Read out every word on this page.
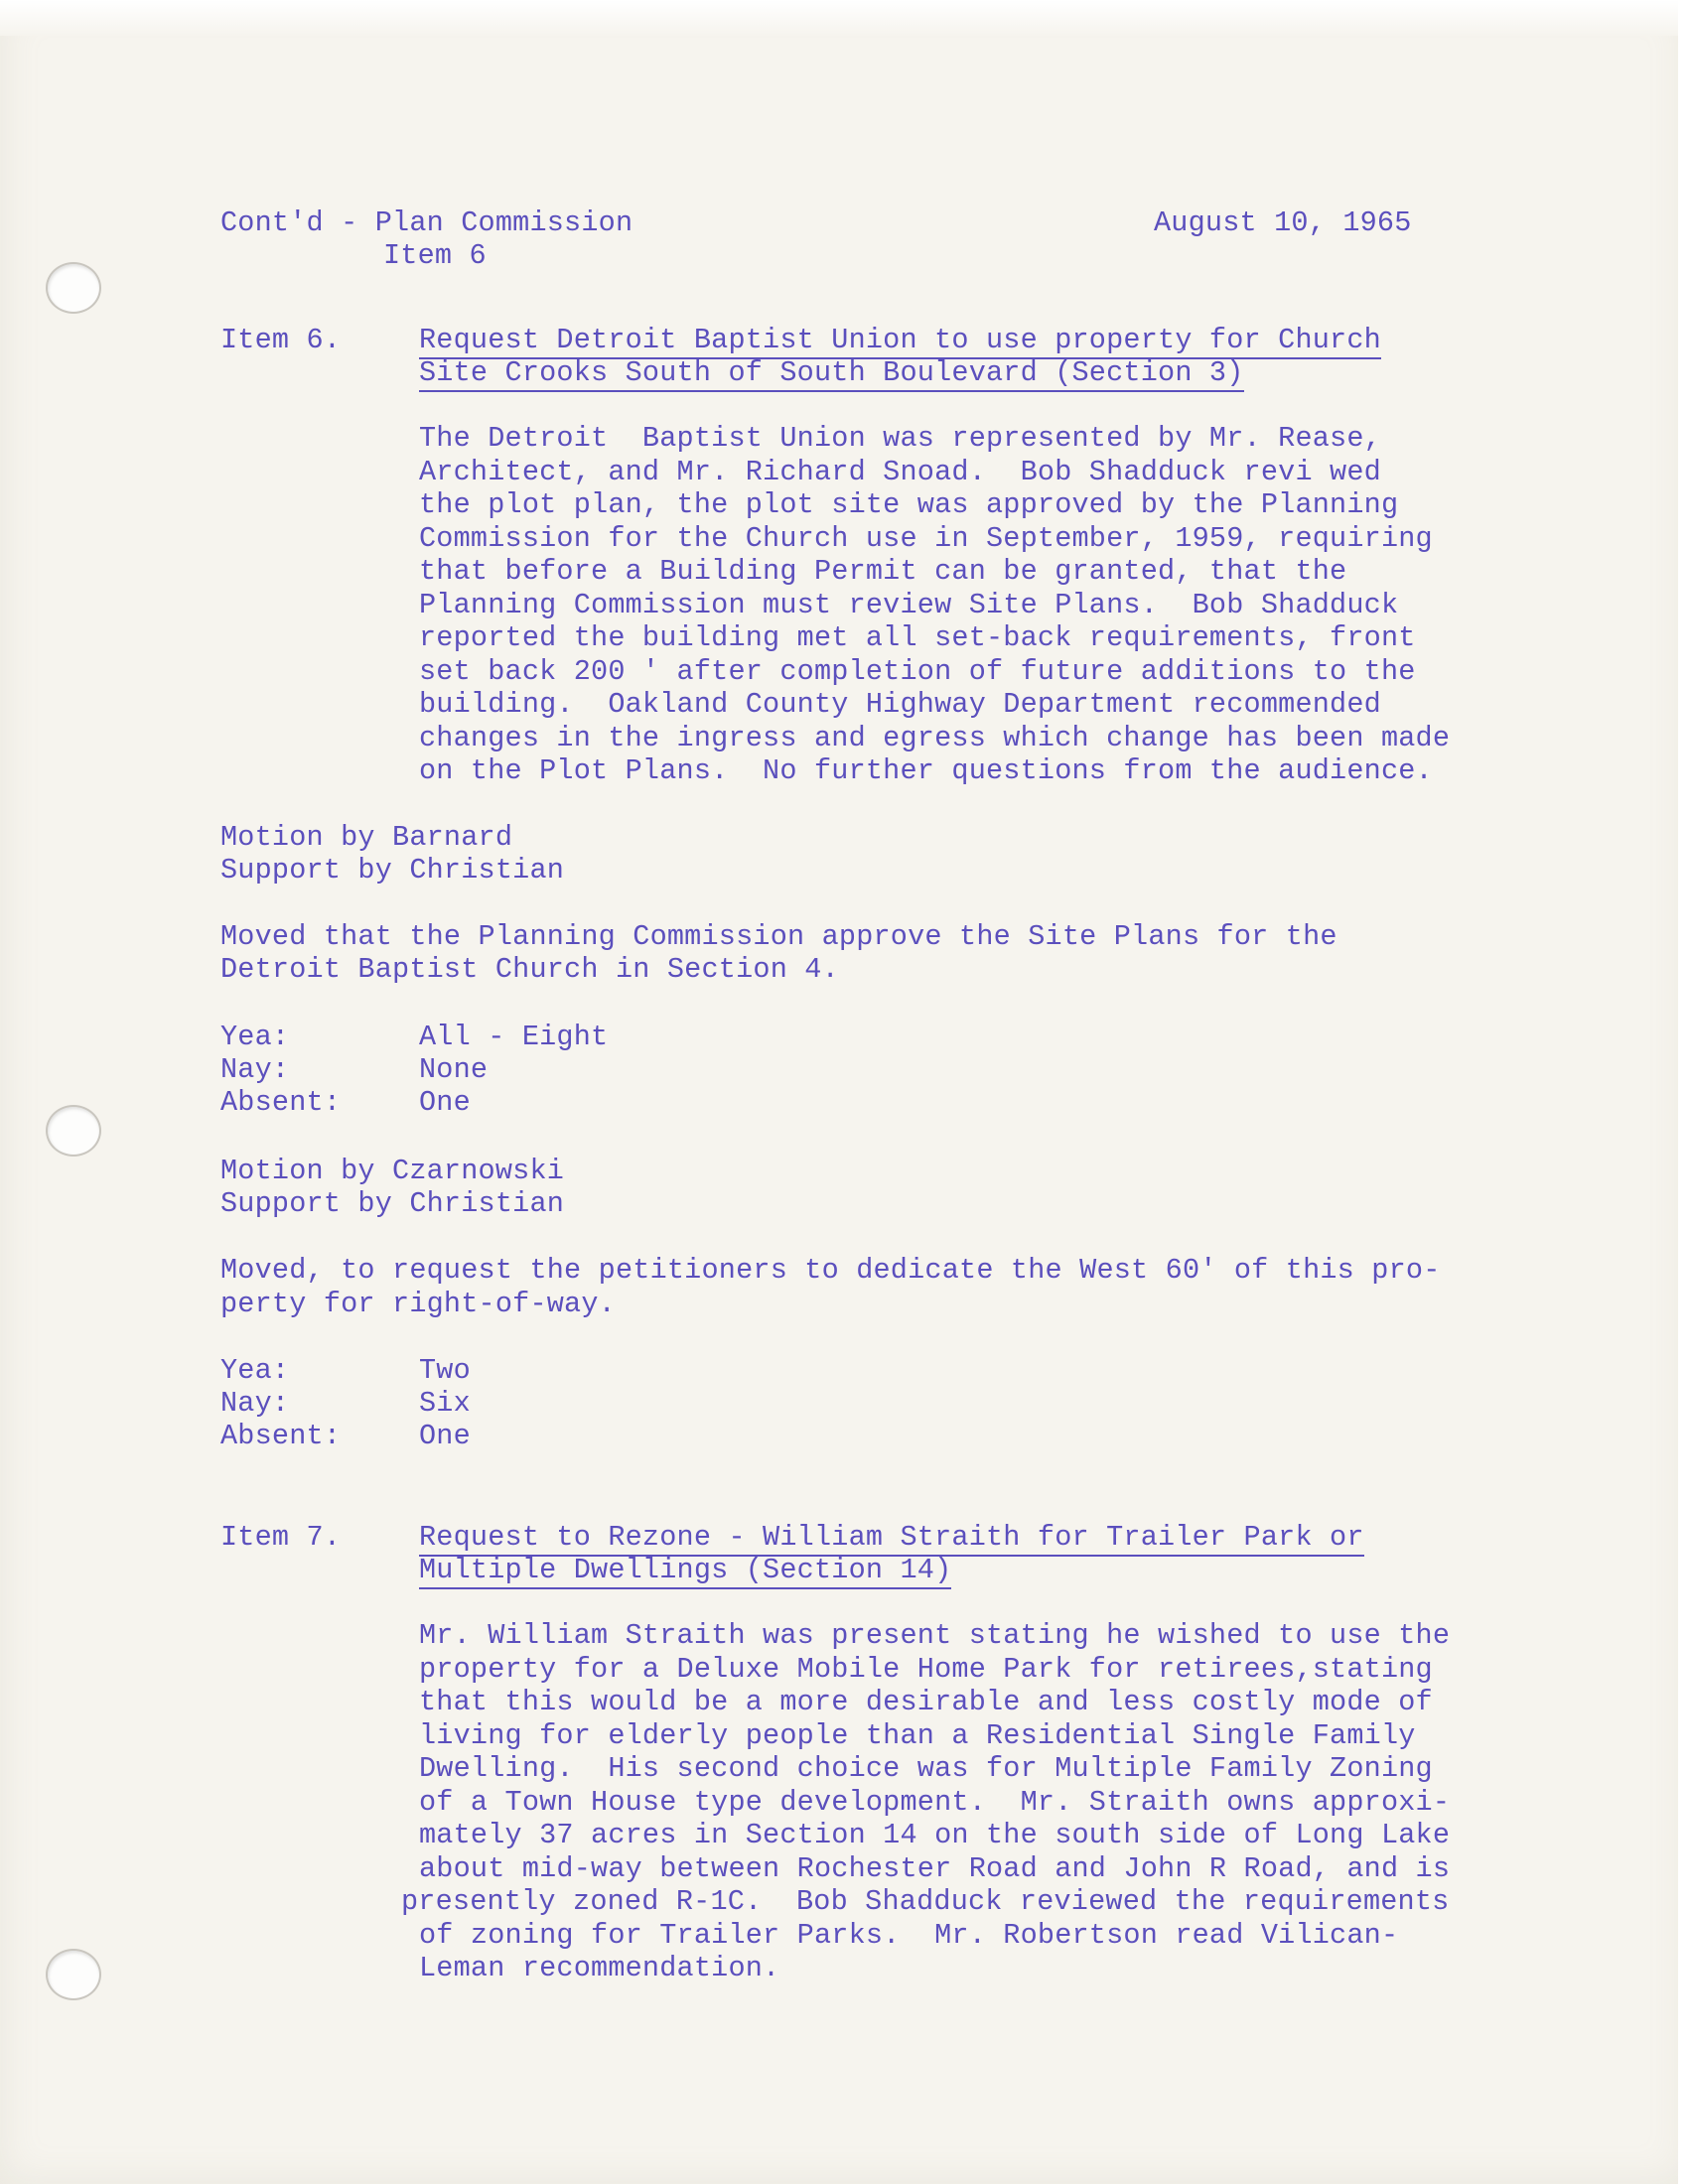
Cont'd - Plan Commission
Item 6
August 10, 1965
Item 6.	Request Detroit Baptist Union to use property for Church
Site Crooks South of South Boulevard (Section 3)
The Detroit  Baptist Union was represented by Mr. Rease,
Architect, and Mr. Richard Snoad.  Bob Shadduck revi wed
the plot plan, the plot site was approved by the Planning
Commission for the Church use in September, 1959, requiring
that before a Building Permit can be granted, that the
Planning Commission must review Site Plans.  Bob Shadduck
reported the building met all set-back requirements, front
set back 200 ' after completion of future additions to the
building.  Oakland County Highway Department recommended
changes in the ingress and egress which change has been made
on the Plot Plans.  No further questions from the audience.
Motion by Barnard
Support by Christian
Moved that the Planning Commission approve the Site Plans for the
Detroit Baptist Church in Section 4.
Yea:	All - Eight
Nay:	None
Absent:	One
Motion by Czarnowski
Support by Christian
Moved, to request the petitioners to dedicate the West 60' of this pro-
perty for right-of-way.
Yea:	Two
Nay:	Six
Absent:	One
Item 7.	Request to Rezone - William Straith for Trailer Park or
Multiple Dwellings (Section 14)
Mr. William Straith was present stating he wished to use the
property for a Deluxe Mobile Home Park for retirees,stating
that this would be a more desirable and less costly mode of
living for elderly people than a Residential Single Family
Dwelling.  His second choice was for Multiple Family Zoning
of a Town House type development.  Mr. Straith owns approxi-
mately 37 acres in Section 14 on the south side of Long Lake
about mid-way between Rochester Road and John R Road, and is
presently zoned R-1C.  Bob Shadduck reviewed the requirements
of zoning for Trailer Parks.  Mr. Robertson read Vilican-
Leman recommendation.
